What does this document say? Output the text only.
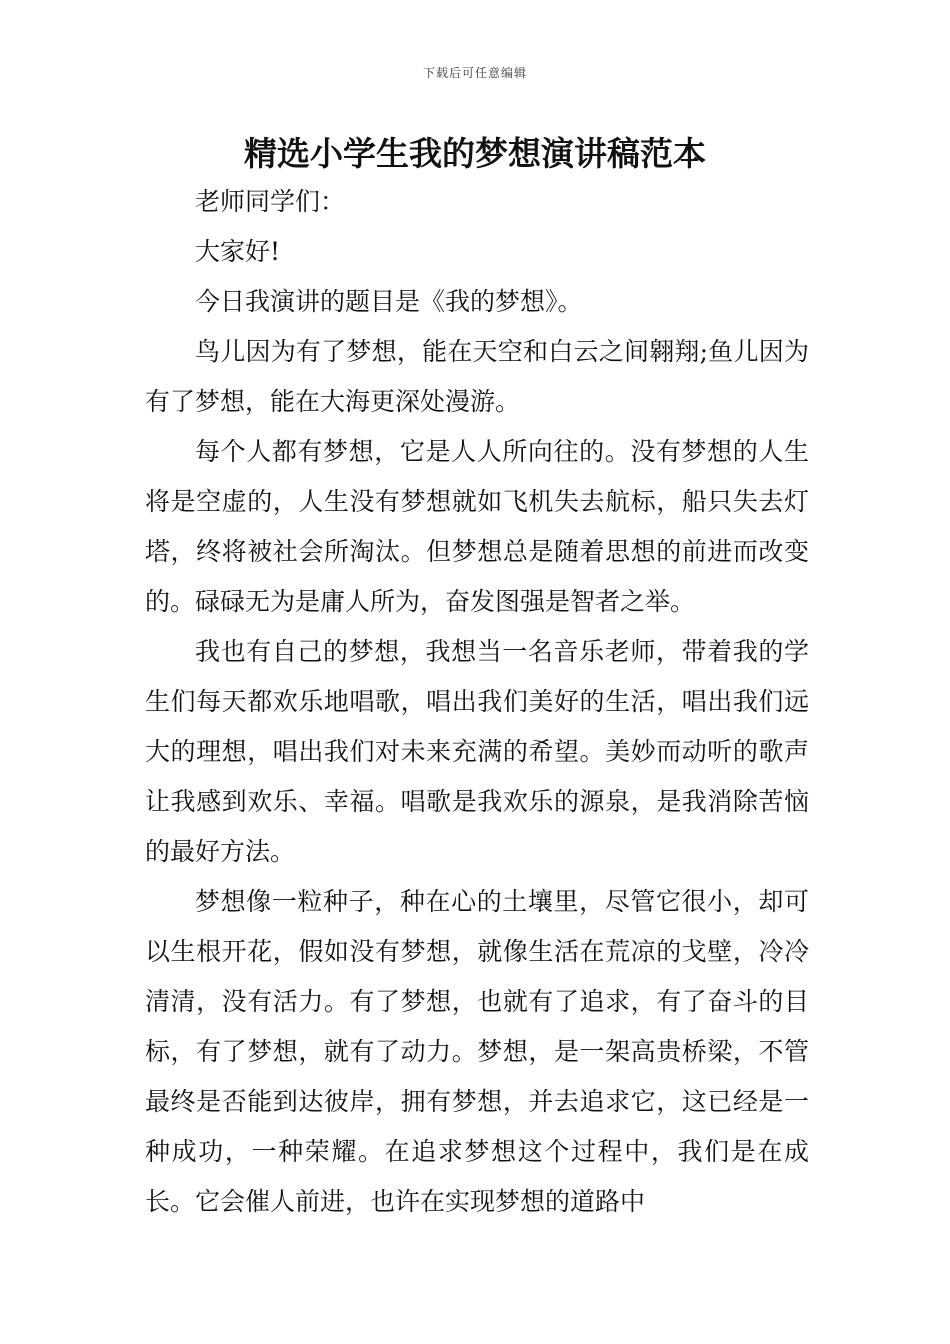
下载后可任意编辑
精选小学生我的梦想演讲稿范本

老师同学们：

大家好!

今日我演讲的题目是《我的梦想》。

鸟儿因为有了梦想，能在天空和白云之间翱翔;鱼儿因为有了梦想，能在大海更深处漫游。

每个人都有梦想，它是人人所向往的。没有梦想的人生将是空虚的，人生没有梦想就如飞机失去航标，船只失去灯塔，终将被社会所淘汰。但梦想总是随着思想的前进而改变的。碌碌无为是庸人所为，奋发图强是智者之举。

我也有自己的梦想，我想当一名音乐老师，带着我的学生们每天都欢乐地唱歌，唱出我们美好的生活，唱出我们远大的理想，唱出我们对未来充满的希望。美妙而动听的歌声让我感到欢乐、幸福。唱歌是我欢乐的源泉，是我消除苦恼的最好方法。

梦想像一粒种子，种在心的土壤里，尽管它很小，却可以生根开花，假如没有梦想，就像生活在荒凉的戈壁，冷冷清清，没有活力。有了梦想，也就有了追求，有了奋斗的目标，有了梦想，就有了动力。梦想，是一架高贵桥梁，不管最终是否能到达彼岸，拥有梦想，并去追求它，这已经是一种成功，一种荣耀。在追求梦想这个过程中，我们是在成长。它会催人前进，也许在实现梦想的道路中
